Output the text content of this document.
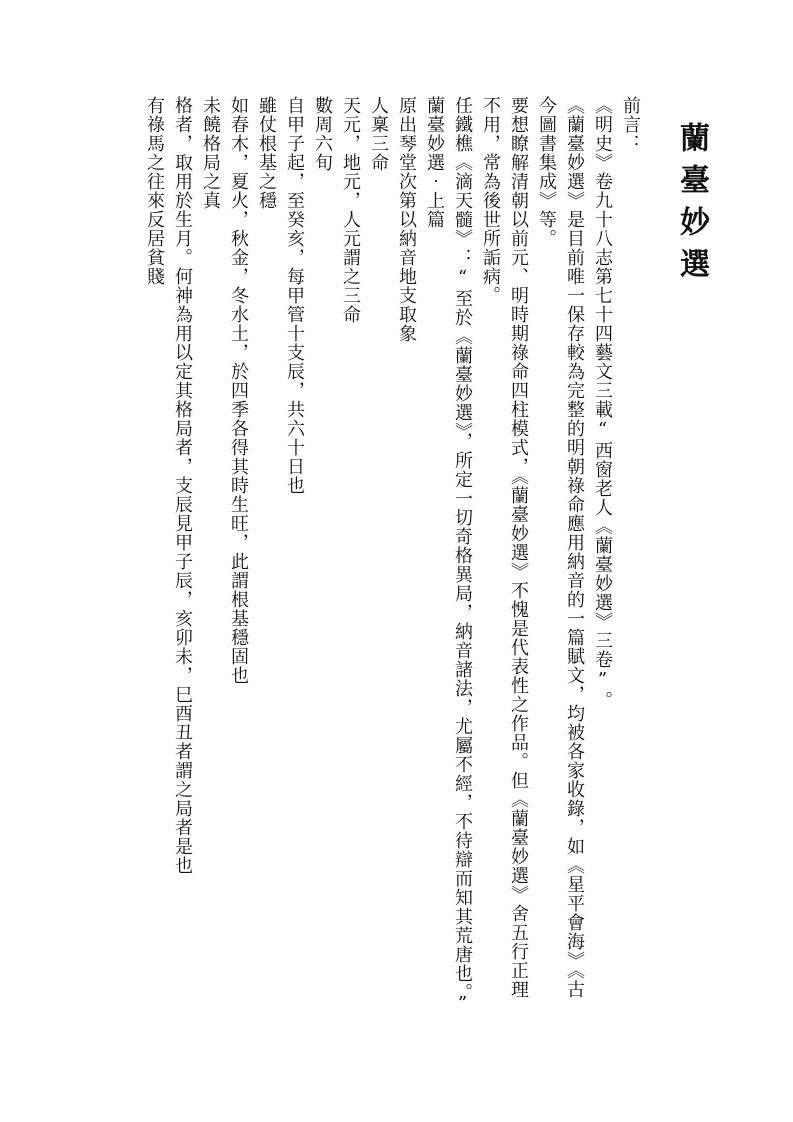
蘭臺妙選
前言：
《明史》卷九十八志第七十四藝文三載“西窗老人《蘭臺妙選》三卷”。
《蘭臺妙選》是目前唯一保存較為完整的明朝祿命應用納音的一篇賦文，均被各家收錄，如《星平會海》《古
今圖書集成》等。
要想瞭解清朝以前元、明時期祿命四柱模式，《蘭臺妙選》不愧是代表性之作品。但《蘭臺妙選》舍五行正理
不用，常為後世所詬病。
任鐵樵《滴天髓》：“至於《蘭臺妙選》，所定一切奇格異局，納音諸法，尤屬不經，不待辯而知其荒唐也。”
蘭臺妙選‧上篇
原出琴堂次第以納音地支取象
人稟三命
天元，地元，人元謂之三命
數周六旬
自甲子起，至癸亥，每甲管十支辰，共六十日也
雖仗根基之穩
如春木，夏火，秋金，冬水土，於四季各得其時生旺，此謂根基穩固也
未饒格局之真
格者，取用於生月。何神為用以定其格局者，支辰見甲子辰，亥卯未，巳酉丑者謂之局者是也
有祿馬之往來反居貧賤
